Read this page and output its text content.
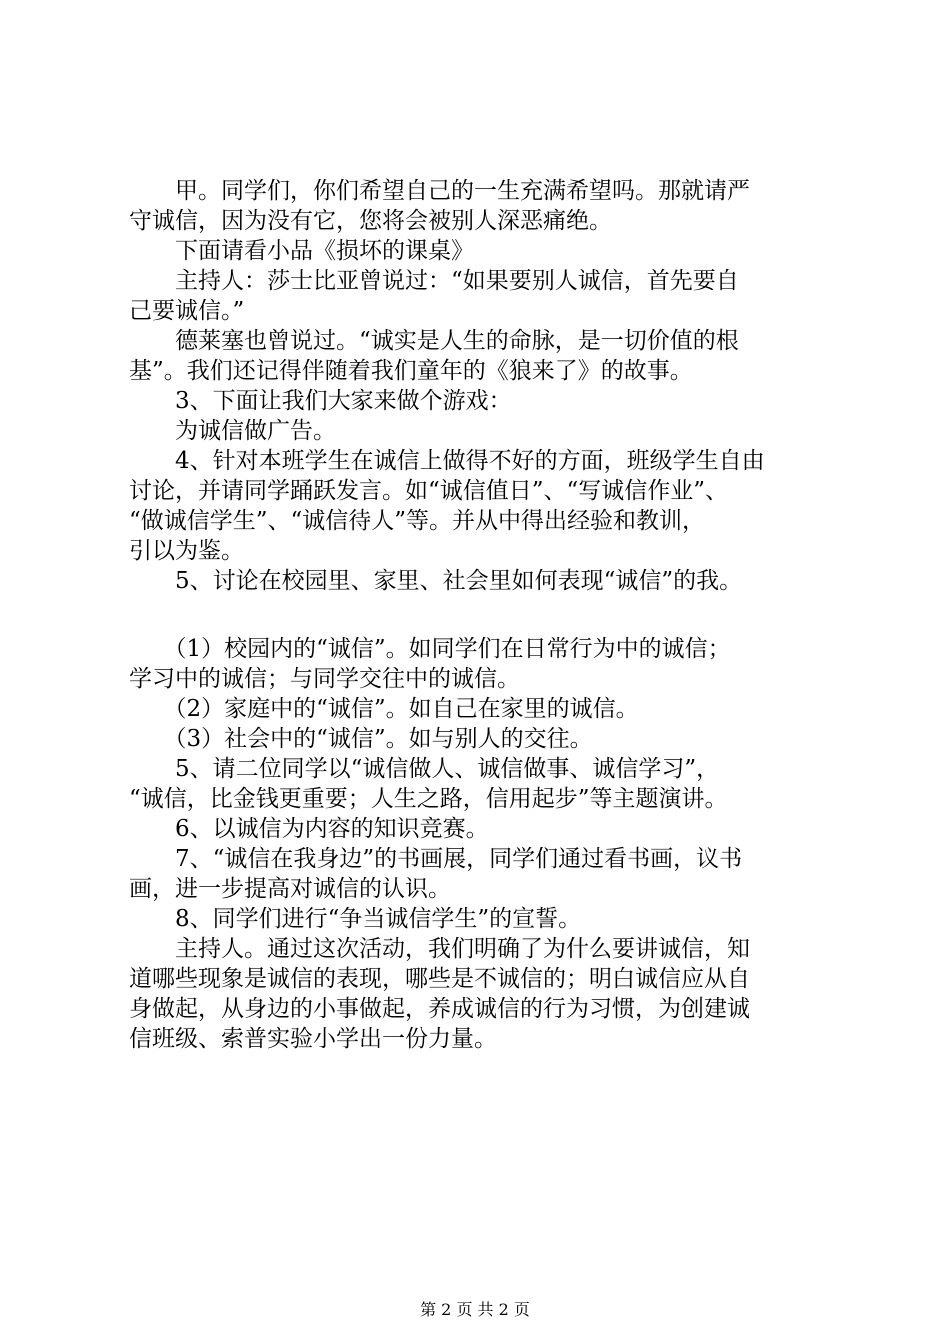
　　甲。同学们，你们希望自己的一生充满希望吗。那就请严
守诚信，因为没有它，您将会被别人深恶痛绝。
　　下面请看小品《损坏的课桌》
　　主持人：莎士比亚曾说过：“如果要别人诚信，首先要自
己要诚信。”
　　德莱塞也曾说过。“诚实是人生的命脉，是一切价值的根
基”。我们还记得伴随着我们童年的《狼来了》的故事。
　　3、下面让我们大家来做个游戏：
　　为诚信做广告。
　　4、针对本班学生在诚信上做得不好的方面，班级学生自由
讨论，并请同学踊跃发言。如“诚信值日”、“写诚信作业”、
“做诚信学生”、“诚信待人”等。并从中得出经验和教训，
引以为鉴。
　　5、讨论在校园里、家里、社会里如何表现“诚信”的我。
　　（1）校园内的“诚信”。如同学们在日常行为中的诚信；
学习中的诚信；与同学交往中的诚信。
　　（2）家庭中的“诚信”。如自己在家里的诚信。
　　（3）社会中的“诚信”。如与别人的交往。
　　5、请二位同学以“诚信做人、诚信做事、诚信学习”，
“诚信，比金钱更重要；人生之路，信用起步”等主题演讲。
　　6、以诚信为内容的知识竞赛。
　　7、“诚信在我身边”的书画展，同学们通过看书画，议书
画，进一步提高对诚信的认识。
　　8、同学们进行“争当诚信学生”的宣誓。
　　主持人。通过这次活动，我们明确了为什么要讲诚信，知
道哪些现象是诚信的表现，哪些是不诚信的；明白诚信应从自
身做起，从身边的小事做起，养成诚信的行为习惯，为创建诚
信班级、索普实验小学出一份力量。
第 2 页 共 2 页
